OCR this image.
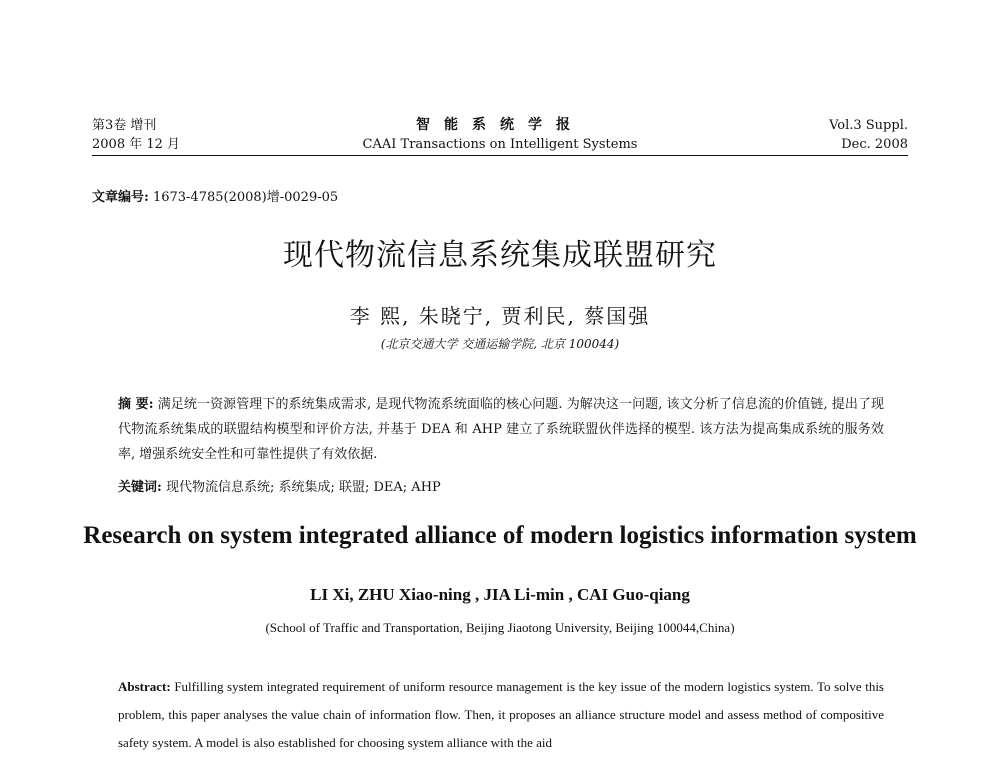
第3卷 增刊	智能系统学报	Vol.3 Suppl.
2008 年 12 月	CAAI Transactions on Intelligent Systems	Dec. 2008
文章编号: 1673-4785(2008)增-0029-05
现代物流信息系统集成联盟研究
李 熙, 朱晓宁, 贾利民, 蔡国强
(北京交通大学 交通运输学院, 北京 100044)
摘 要: 满足统一资源管理下的系统集成需求, 是现代物流系统面临的核心问题. 为解决这一问题, 该文分析了信息流的价值链, 提出了现代物流系统集成的联盟结构模型和评价方法, 并基于 DEA 和 AHP 建立了系统联盟伙伴选择的模型. 该方法为提高集成系统的服务效率, 增强系统安全性和可靠性提供了有效依据.
关键词: 现代物流信息系统; 系统集成; 联盟; DEA; AHP
Research on system integrated alliance of modern logistics information system
LI Xi, ZHU Xiao-ning , JIA Li-min , CAI Guo-qiang
(School of Traffic and Transportation, Beijing Jiaotong University, Beijing 100044,China)
Abstract: Fulfilling system integrated requirement of uniform resource management is the key issue of the modern logistics system. To solve this problem, this paper analyses the value chain of information flow. Then, it proposes an alliance structure model and assess method of compositive safety system. A model is also established for choosing system alliance with the aid
